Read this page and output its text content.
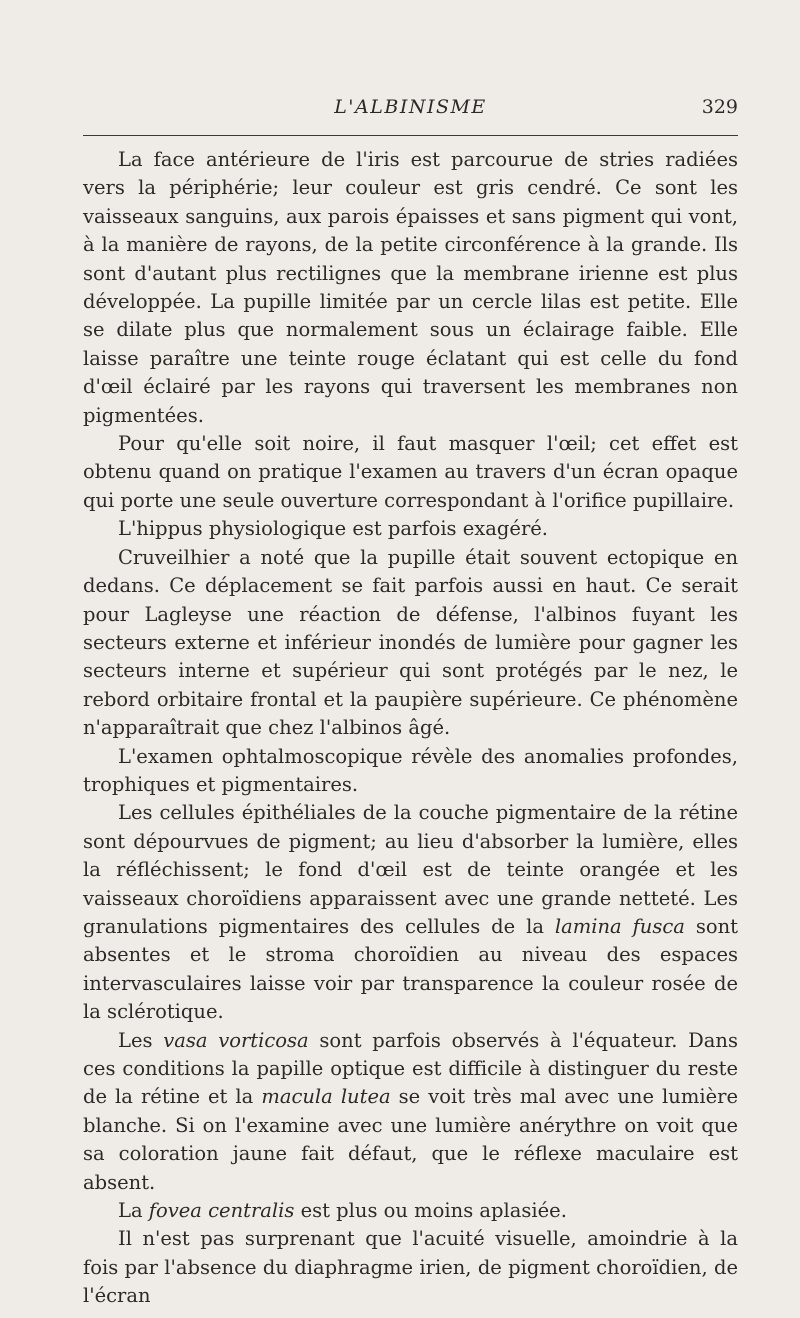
L'ALBINISME	329

La face antérieure de l'iris est parcourue de stries radiées vers la périphérie; leur couleur est gris cendré. Ce sont les vaisseaux sanguins, aux parois épaisses et sans pigment qui vont, à la manière de rayons, de la petite circonférence à la grande. Ils sont d'autant plus rectilignes que la membrane irienne est plus développée. La pupille limitée par un cercle lilas est petite. Elle se dilate plus que normalement sous un éclairage faible. Elle laisse paraître une teinte rouge éclatant qui est celle du fond d'œil éclairé par les rayons qui traversent les membranes non pigmentées.

Pour qu'elle soit noire, il faut masquer l'œil; cet effet est obtenu quand on pratique l'examen au travers d'un écran opaque qui porte une seule ouverture correspondant à l'orifice pupillaire.

L'hippus physiologique est parfois exagéré.

Cruveilhier a noté que la pupille était souvent ectopique en dedans. Ce déplacement se fait parfois aussi en haut. Ce serait pour Lagleyse une réaction de défense, l'albinos fuyant les secteurs externe et inférieur inondés de lumière pour gagner les secteurs interne et supérieur qui sont protégés par le nez, le rebord orbitaire frontal et la paupière supérieure. Ce phénomène n'apparaîtrait que chez l'albinos âgé.

L'examen ophtalmoscopique révèle des anomalies profondes, trophiques et pigmentaires.

Les cellules épithéliales de la couche pigmentaire de la rétine sont dépourvues de pigment; au lieu d'absorber la lumière, elles la réfléchissent; le fond d'œil est de teinte orangée et les vaisseaux choroïdiens apparaissent avec une grande netteté. Les granulations pigmentaires des cellules de la lamina fusca sont absentes et le stroma choroïdien au niveau des espaces intervasculaires laisse voir par transparence la couleur rosée de la sclérotique.

Les vasa vorticosa sont parfois observés à l'équateur. Dans ces conditions la papille optique est difficile à distinguer du reste de la rétine et la macula lutea se voit très mal avec une lumière blanche. Si on l'examine avec une lumière anérythre on voit que sa coloration jaune fait défaut, que le réflexe maculaire est absent.

La fovea centralis est plus ou moins aplasiée.

Il n'est pas surprenant que l'acuité visuelle, amoindrie à la fois par l'absence du diaphragme irien, de pigment choroïdien, de l'écran
